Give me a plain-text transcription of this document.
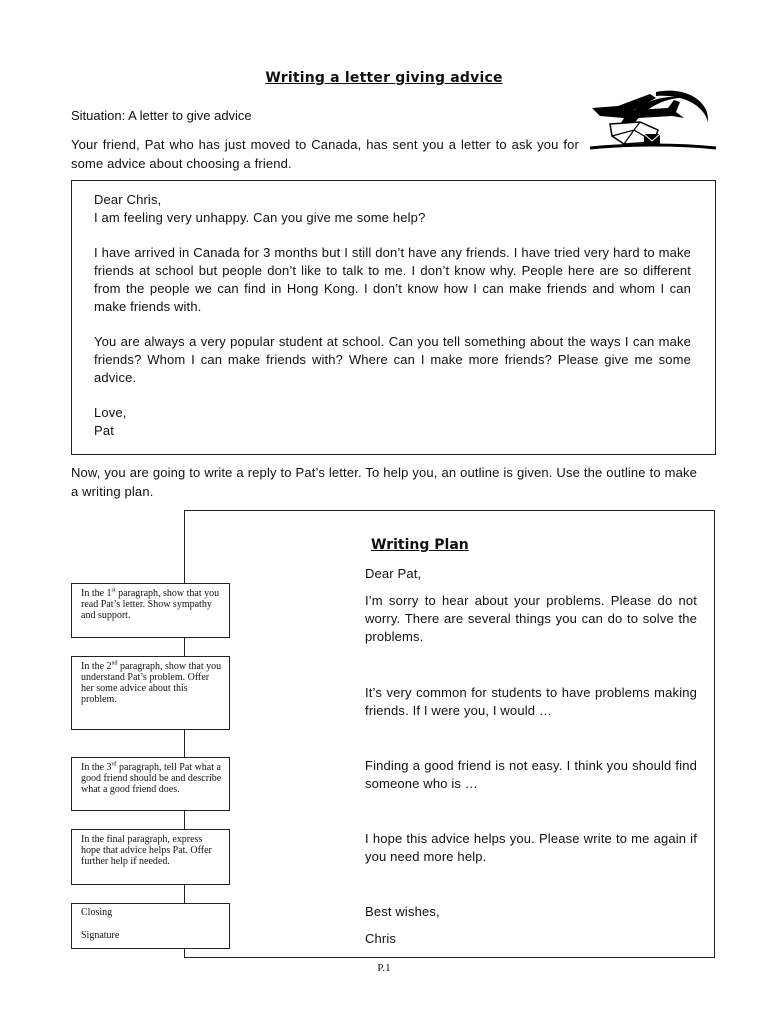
Writing a letter giving advice
Situation: A letter to give advice
Your friend, Pat who has just moved to Canada, has sent you a letter to ask you for some advice about choosing a friend.

Dear Chris,

I am feeling very unhappy. Can you give me some help?

I have arrived in Canada for 3 months but I still don’t have any friends. I have tried very hard to make friends at school but people don’t like to talk to me. I don’t know why. People here are so different from the people we can find in Hong Kong. I don’t know how I can make friends and whom I can make friends with.

You are always a very popular student at school. Can you tell something about the ways I can make friends? Whom I can make friends with? Where can I make more friends? Please give me some advice.

Love,

Pat

Now, you are going to write a reply to Pat’s letter. To help you, an outline is given. Use the outline to make a writing plan.
Writing Plan
Dear Pat,
I’m sorry to hear about your problems. Please do not worry. There are several things you can do to solve the problems.
It’s very common for students to have problems making friends. If I were you, I would …
Finding a good friend is not easy. I think you should find someone who is …
I hope this advice helps you. Please write to me again if you need more help.
Best wishes,
Chris
In the 1st paragraph, show that you read Pat’s letter. Show sympathy and support.
In the 2nd paragraph, show that you understand Pat’s problem. Offer her some advice about this problem.
In the 3rd paragraph, tell Pat what a good friend should be and describe what a good friend does.
In the final paragraph, express hope that advice helps Pat. Offer further help if needed.
Closing
Signature
P.1
